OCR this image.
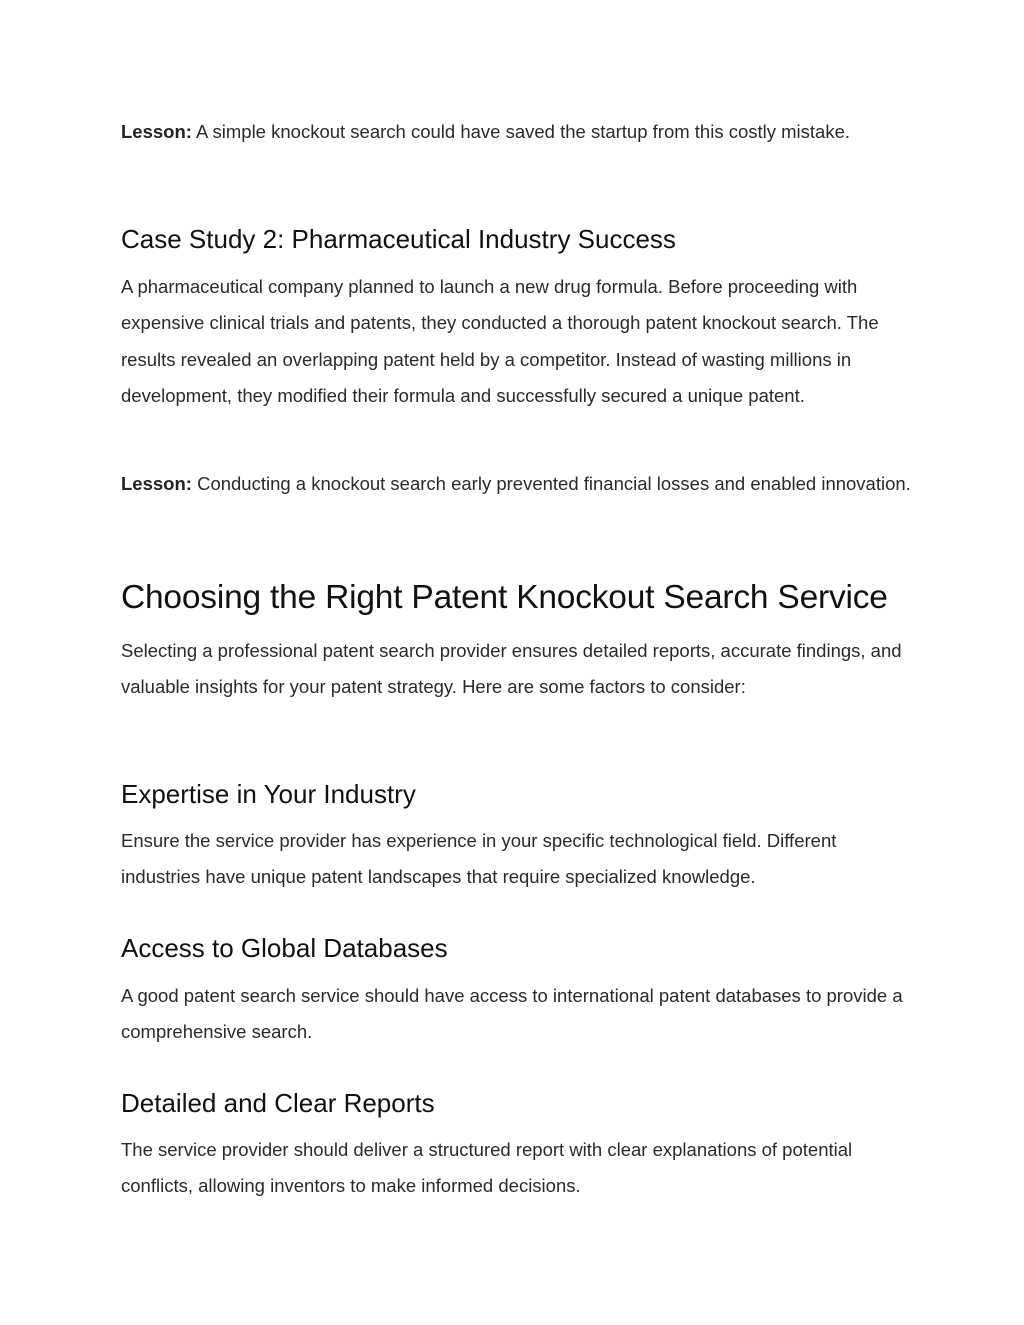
Lesson: A simple knockout search could have saved the startup from this costly mistake.

Case Study 2: Pharmaceutical Industry Success

A pharmaceutical company planned to launch a new drug formula. Before proceeding with expensive clinical trials and patents, they conducted a thorough patent knockout search. The results revealed an overlapping patent held by a competitor. Instead of wasting millions in development, they modified their formula and successfully secured a unique patent.

Lesson: Conducting a knockout search early prevented financial losses and enabled innovation.

Choosing the Right Patent Knockout Search Service

Selecting a professional patent search provider ensures detailed reports, accurate findings, and valuable insights for your patent strategy. Here are some factors to consider:

Expertise in Your Industry

Ensure the service provider has experience in your specific technological field. Different industries have unique patent landscapes that require specialized knowledge.

Access to Global Databases

A good patent search service should have access to international patent databases to provide a comprehensive search.

Detailed and Clear Reports

The service provider should deliver a structured report with clear explanations of potential conflicts, allowing inventors to make informed decisions.
